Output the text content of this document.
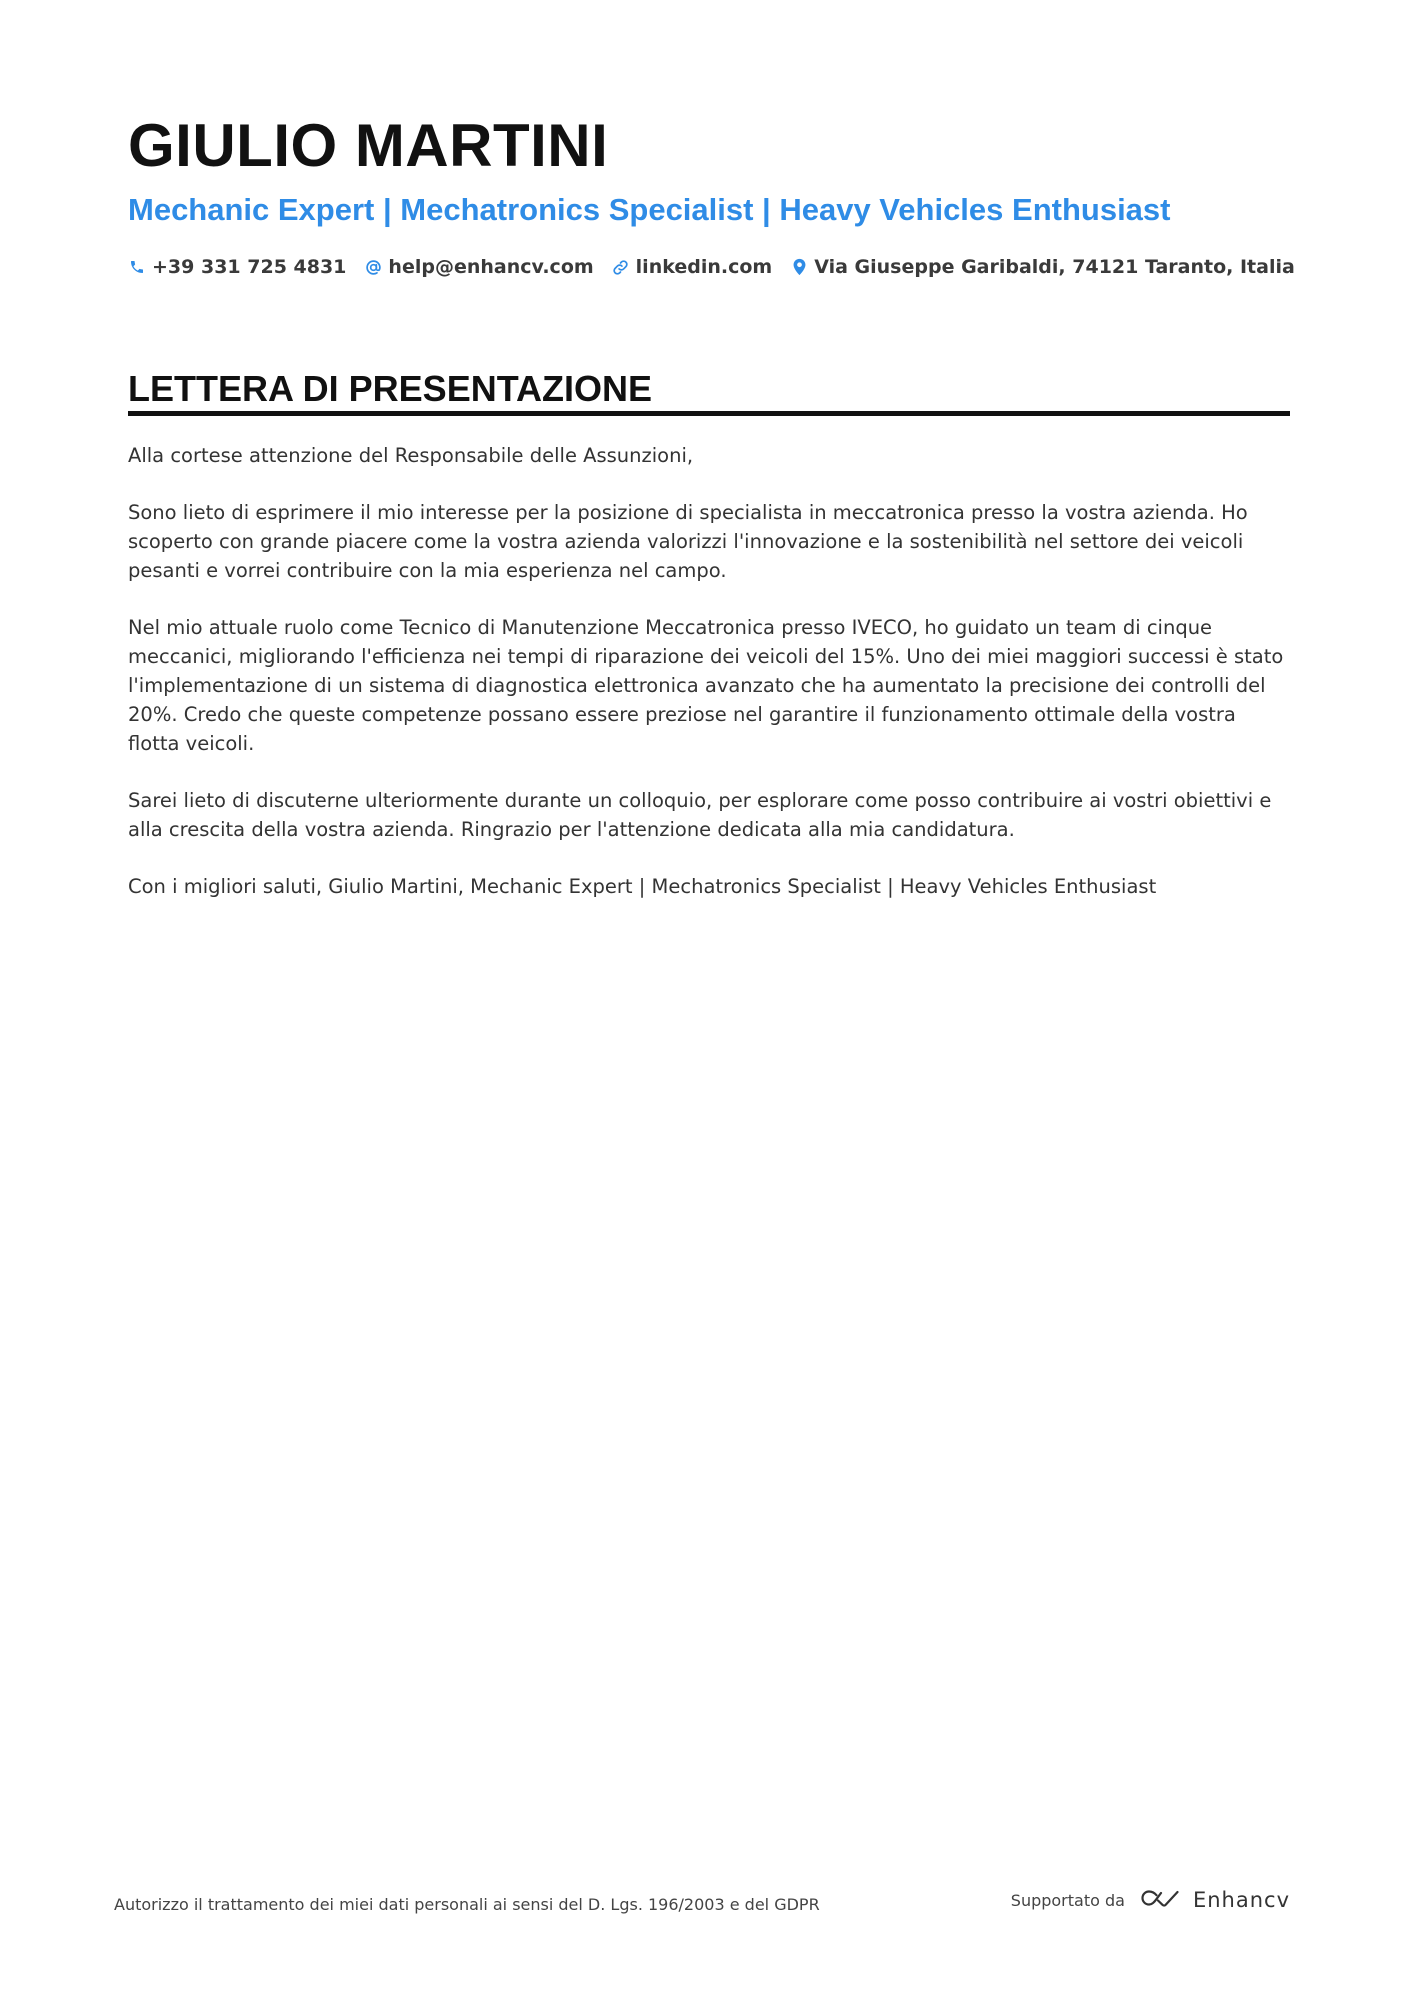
GIULIO MARTINI
Mechanic Expert | Mechatronics Specialist | Heavy Vehicles Enthusiast
+39 331 725 4831 help@enhancv.com linkedin.com Via Giuseppe Garibaldi, 74121 Taranto, Italia
LETTERA DI PRESENTAZIONE

Alla cortese attenzione del Responsabile delle Assunzioni,

Sono lieto di esprimere il mio interesse per la posizione di specialista in meccatronica presso la vostra azienda. Ho scoperto con grande piacere come la vostra azienda valorizzi l'innovazione e la sostenibilità nel settore dei veicoli pesanti e vorrei contribuire con la mia esperienza nel campo.

Nel mio attuale ruolo come Tecnico di Manutenzione Meccatronica presso IVECO, ho guidato un team di cinque meccanici, migliorando l'efficienza nei tempi di riparazione dei veicoli del 15%. Uno dei miei maggiori successi è stato l'implementazione di un sistema di diagnostica elettronica avanzato che ha aumentato la precisione dei controlli del 20%. Credo che queste competenze possano essere preziose nel garantire il funzionamento ottimale della vostra flotta veicoli.

Sarei lieto di discuterne ulteriormente durante un colloquio, per esplorare come posso contribuire ai vostri obiettivi e alla crescita della vostra azienda. Ringrazio per l'attenzione dedicata alla mia candidatura.

Con i migliori saluti, Giulio Martini, Mechanic Expert | Mechatronics Specialist | Heavy Vehicles Enthusiast

Autorizzo il trattamento dei miei dati personali ai sensi del D. Lgs. 196/2003 e del GDPR	Supportato da	Enhancv
